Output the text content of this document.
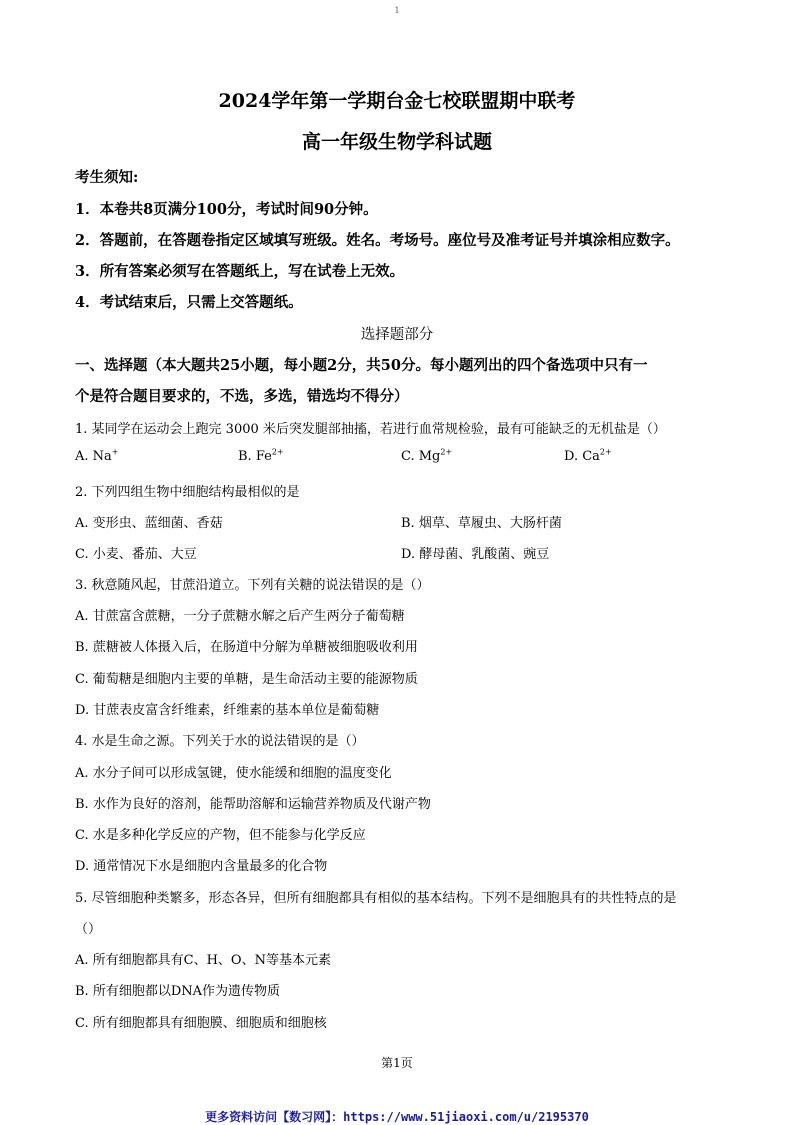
1
2024学年第一学期台金七校联盟期中联考
高一年级生物学科试题
考生须知:
1．本卷共8页满分100分，考试时间90分钟。
2．答题前，在答题卷指定区域填写班级。姓名。考场号。座位号及准考证号并填涂相应数字。
3．所有答案必须写在答题纸上，写在试卷上无效。
4．考试结束后，只需上交答题纸。
选择题部分
一、选择题（本大题共25小题，每小题2分，共50分。每小题列出的四个备选项中只有一
个是符合题目要求的，不选，多选，错选均不得分）
1. 某同学在运动会上跑完 3000 米后突发腿部抽搐，若进行血常规检验，最有可能缺乏的无机盐是（）
A. Na+	B. $Fe^{2+}$	C. $Mg^{2+}$	D. $Ca^{2+}$
2. 下列四组生物中细胞结构最相似的是
A. 变形虫、蓝细菌、香菇	B. 烟草、草履虫、大肠杆菌
C. 小麦、番茄、大豆	D. 酵母菌、乳酸菌、豌豆
3. 秋意随风起，甘蔗沿道立。下列有关糖的说法错误的是（）
A. 甘蔗富含蔗糖，一分子蔗糖水解之后产生两分子葡萄糖
B. 蔗糖被人体摄入后，在肠道中分解为单糖被细胞吸收利用
C. 葡萄糖是细胞内主要的单糖，是生命活动主要的能源物质
D. 甘蔗表皮富含纤维素，纤维素的基本单位是葡萄糖
4. 水是生命之源。下列关于水的说法错误的是（）
A. 水分子间可以形成氢键，使水能缓和细胞的温度变化
B. 水作为良好的溶剂，能帮助溶解和运输营养物质及代谢产物
C. 水是多种化学反应的产物，但不能参与化学反应
D. 通常情况下水是细胞内含量最多的化合物
5. 尽管细胞种类繁多，形态各异，但所有细胞都具有相似的基本结构。下列不是细胞具有的共性特点的是
（）
A. 所有细胞都具有C、H、O、N等基本元素
B. 所有细胞都以DNA作为遗传物质
C. 所有细胞都具有细胞膜、细胞质和细胞核
第1页
更多资料访问【数习网】：https://www.51jiaoxi.com/u/2195370
